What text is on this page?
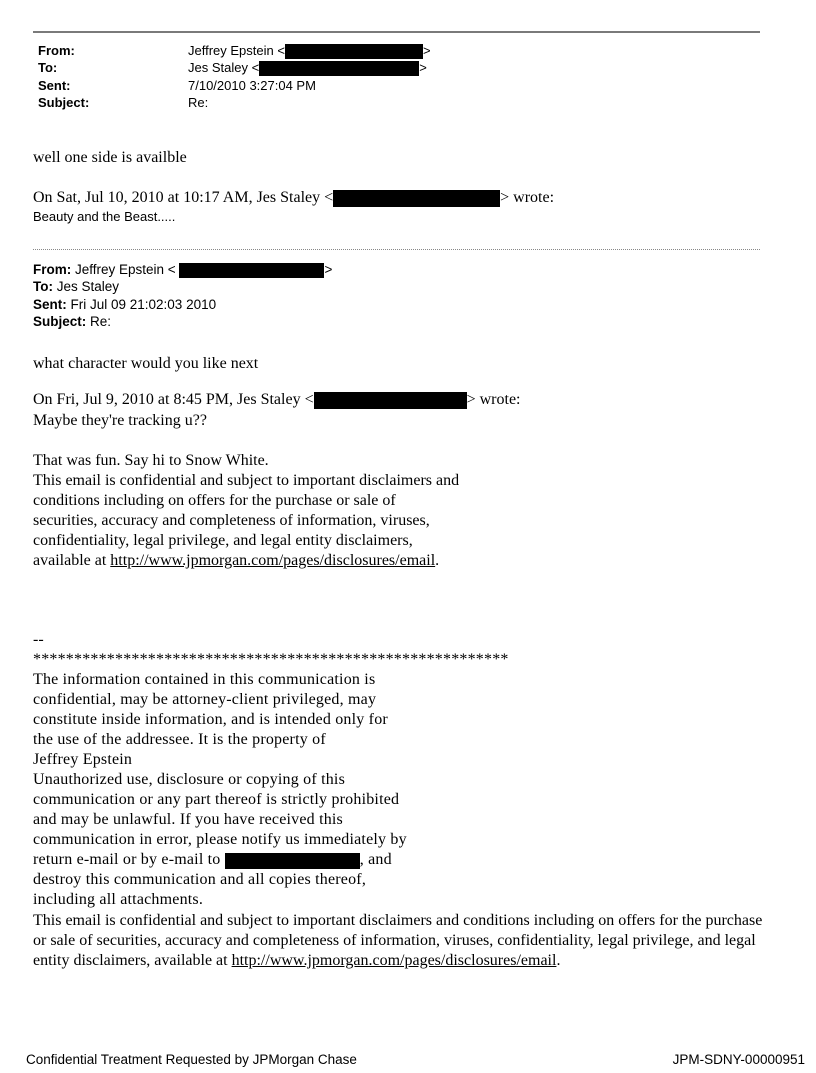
From:	Jeffrey Epstein <	>
To:	Jes Staley <	>
Sent:	7/10/2010 3:27:04 PM
Subject:	Re:
well one side is availble
On Sat, Jul 10, 2010 at 10:17 AM, Jes Staley <	> wrote:
Beauty and the Beast.....
From: Jeffrey Epstein <	>
To: Jes Staley
Sent: Fri Jul 09 21:02:03 2010
Subject: Re:
what character would you like next
On Fri, Jul 9, 2010 at 8:45 PM, Jes Staley <	> wrote:
Maybe they're tracking u??
That was fun. Say hi to Snow White.
This email is confidential and subject to important disclaimers and
conditions including on offers for the purchase or sale of
securities, accuracy and completeness of information, viruses,
confidentiality, legal privilege, and legal entity disclaimers,
available at http://www.jpmorgan.com/pages/disclosures/email.
--
**********************************************************
The information contained in this communication is
confidential, may be attorney-client privileged, may
constitute inside information, and is intended only for
the use of the addressee. It is the property of
Jeffrey Epstein
Unauthorized use, disclosure or copying of this
communication or any part thereof is strictly prohibited
and may be unlawful. If you have received this
communication in error, please notify us immediately by
return e-mail or by e-mail to	, and
destroy this communication and all copies thereof,
including all attachments.
This email is confidential and subject to important disclaimers and conditions including on offers for the purchase
or sale of securities, accuracy and completeness of information, viruses, confidentiality, legal privilege, and legal
entity disclaimers, available at http://www.jpmorgan.com/pages/disclosures/email.
Confidential Treatment Requested by JPMorgan Chase	JPM-SDNY-00000951
